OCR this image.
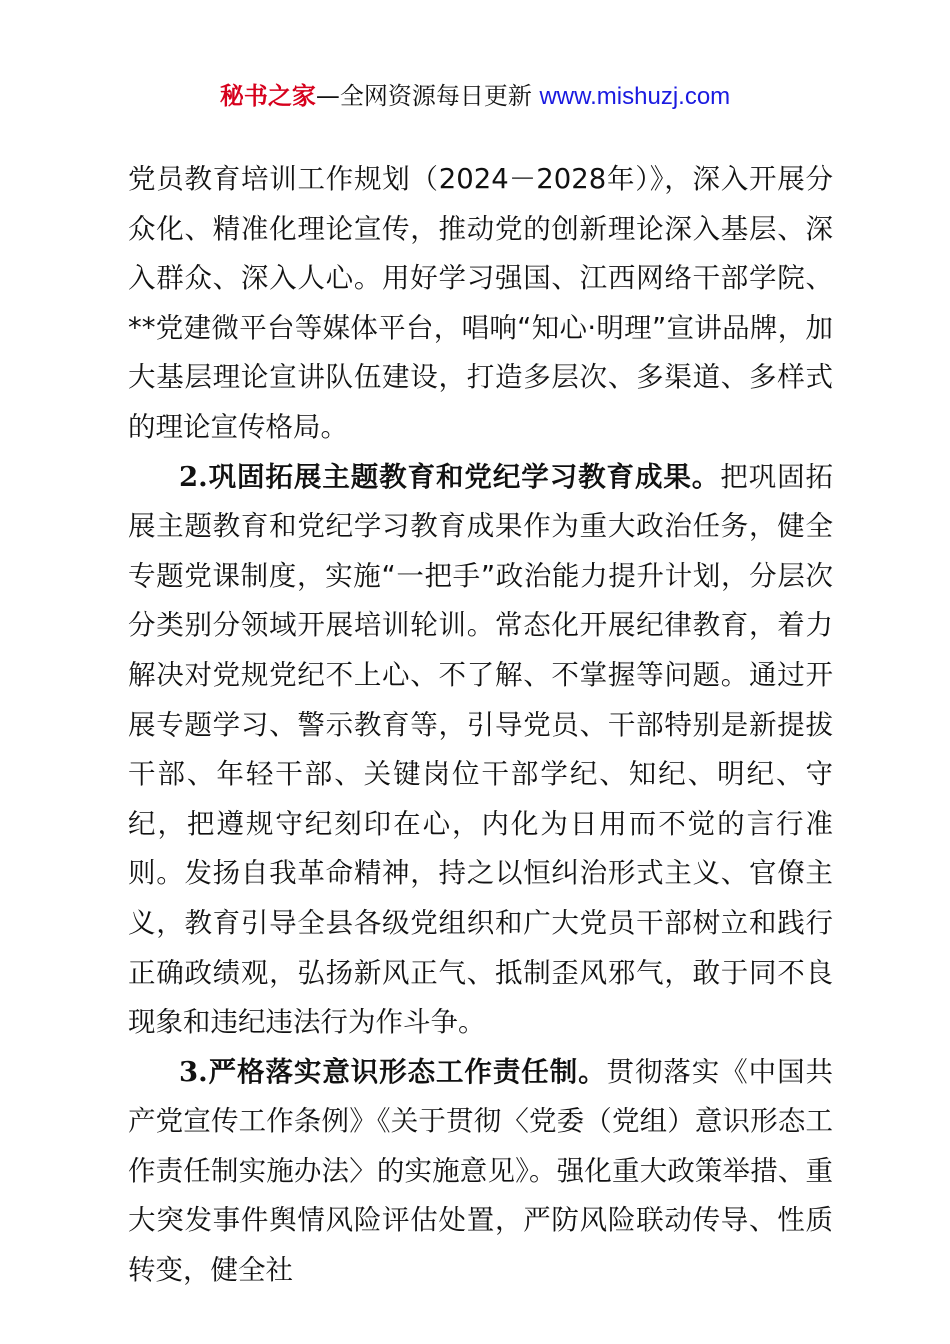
秘书之家—全网资源每日更新 www.mishuzj.com

党员教育培训工作规划（2024－2028年）》，深入开展分众化、精准化理论宣传，推动党的创新理论深入基层、深入群众、深入人心。用好学习强国、江西网络干部学院、**党建微平台等媒体平台，唱响“知心·明理”宣讲品牌，加大基层理论宣讲队伍建设，打造多层次、多渠道、多样式的理论宣传格局。

2.巩固拓展主题教育和党纪学习教育成果。把巩固拓展主题教育和党纪学习教育成果作为重大政治任务，健全专题党课制度，实施“一把手”政治能力提升计划，分层次分类别分领域开展培训轮训。常态化开展纪律教育，着力解决对党规党纪不上心、不了解、不掌握等问题。通过开展专题学习、警示教育等，引导党员、干部特别是新提拔干部、年轻干部、关键岗位干部学纪、知纪、明纪、守纪，把遵规守纪刻印在心，内化为日用而不觉的言行准则。发扬自我革命精神，持之以恒纠治形式主义、官僚主义，教育引导全县各级党组织和广大党员干部树立和践行正确政绩观，弘扬新风正气、抵制歪风邪气，敢于同不良现象和违纪违法行为作斗争。

3.严格落实意识形态工作责任制。贯彻落实《中国共产党宣传工作条例》《关于贯彻〈党委（党组）意识形态工作责任制实施办法〉的实施意见》。强化重大政策举措、重大突发事件舆情风险评估处置，严防风险联动传导、性质转变，健全社
